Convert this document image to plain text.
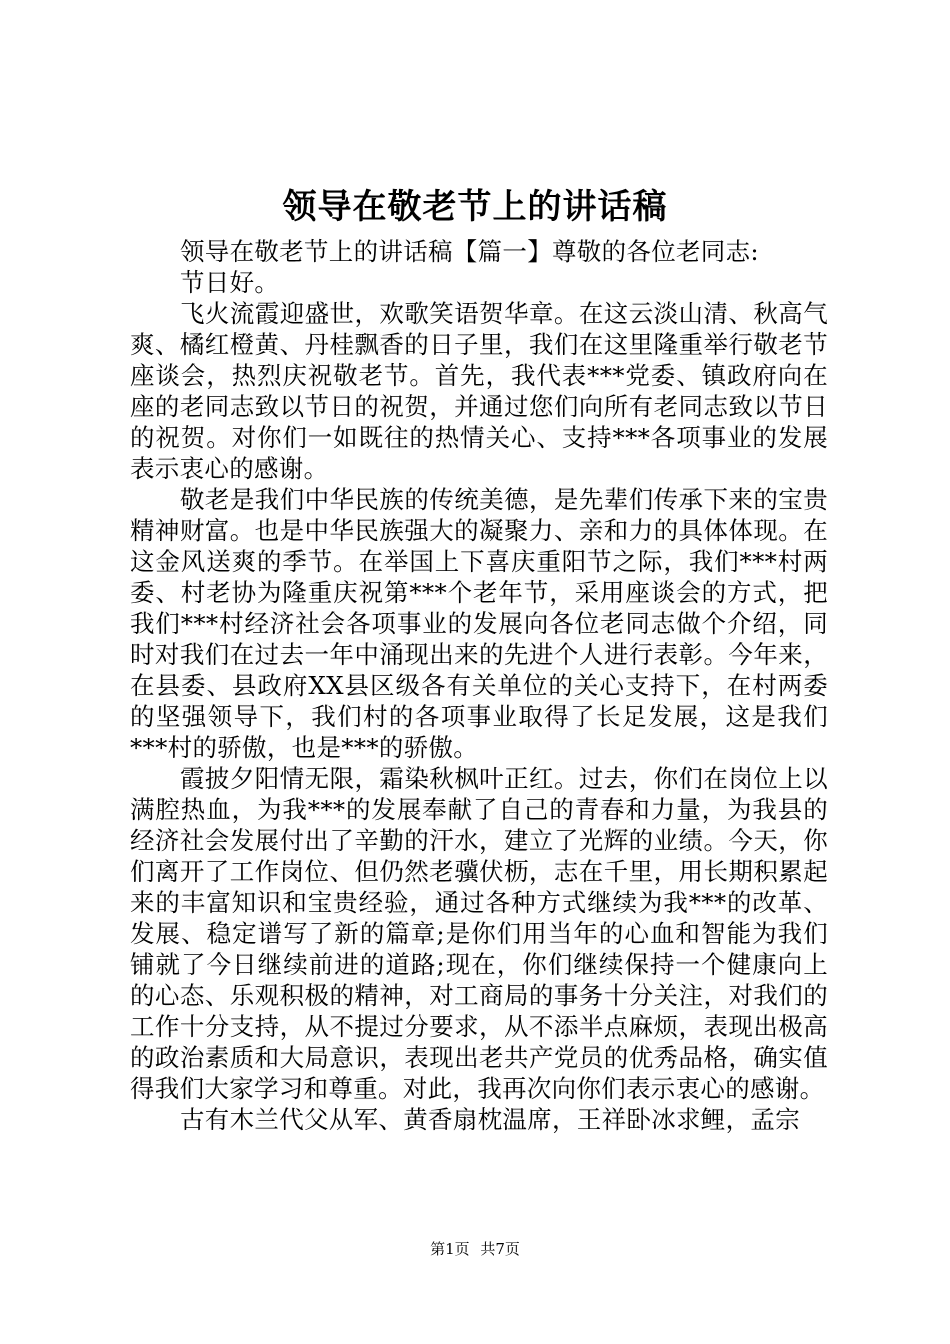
领导在敬老节上的讲话稿

领导在敬老节上的讲话稿【篇一】尊敬的各位老同志:

节日好。

飞火流霞迎盛世，欢歌笑语贺华章。在这云淡山清、秋高气爽、橘红橙黄、丹桂飘香的日子里，我们在这里隆重举行敬老节座谈会，热烈庆祝敬老节。首先，我代表***党委、镇政府向在座的老同志致以节日的祝贺，并通过您们向所有老同志致以节日的祝贺。对你们一如既往的热情关心、支持***各项事业的发展表示衷心的感谢。

敬老是我们中华民族的传统美德，是先辈们传承下来的宝贵精神财富。也是中华民族强大的凝聚力、亲和力的具体体现。在这金风送爽的季节。在举国上下喜庆重阳节之际，我们***村两委、村老协为隆重庆祝第***个老年节，采用座谈会的方式，把我们***村经济社会各项事业的发展向各位老同志做个介绍，同时对我们在过去一年中涌现出来的先进个人进行表彰。今年来，在县委、县政府XX县区级各有关单位的关心支持下，在村两委的坚强领导下，我们村的各项事业取得了长足发展，这是我们***村的骄傲，也是***的骄傲。

霞披夕阳情无限，霜染秋枫叶正红。过去，你们在岗位上以满腔热血，为我***的发展奉献了自己的青春和力量，为我县的经济社会发展付出了辛勤的汗水，建立了光辉的业绩。今天，你们离开了工作岗位、但仍然老骥伏枥，志在千里，用长期积累起来的丰富知识和宝贵经验，通过各种方式继续为我***的改革、发展、稳定谱写了新的篇章;是你们用当年的心血和智能为我们铺就了今日继续前进的道路;现在，你们继续保持一个健康向上的心态、乐观积极的精神，对工商局的事务十分关注，对我们的工作十分支持，从不提过分要求，从不添半点麻烦，表现出极高的政治素质和大局意识，表现出老共产党员的优秀品格，确实值得我们大家学习和尊重。对此，我再次向你们表示衷心的感谢。

古有木兰代父从军、黄香扇枕温席，王祥卧冰求鲤，孟宗

第1页 共7页
